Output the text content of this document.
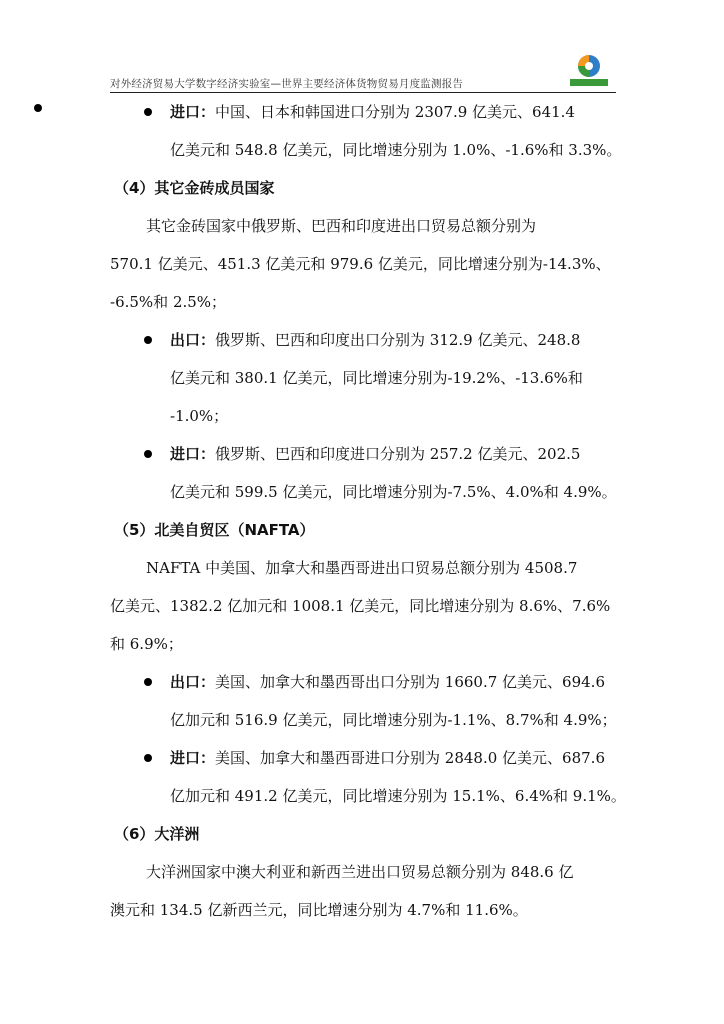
对外经济贸易大学数字经济实验室—世界主要经济体货物贸易月度监测报告
进口：中国、日本和韩国进口分别为 2307.9 亿美元、641.4
亿美元和 548.8 亿美元，同比增速分别为 1.0%、-1.6%和 3.3%。
（4）其它金砖成员国家
其它金砖国家中俄罗斯、巴西和印度进出口贸易总额分别为
570.1 亿美元、451.3 亿美元和 979.6 亿美元，同比增速分别为-14.3%、
-6.5%和 2.5%；
出口：俄罗斯、巴西和印度出口分别为 312.9 亿美元、248.8
亿美元和 380.1 亿美元，同比增速分别为-19.2%、-13.6%和
-1.0%；
进口：俄罗斯、巴西和印度进口分别为 257.2 亿美元、202.5
亿美元和 599.5 亿美元，同比增速分别为-7.5%、4.0%和 4.9%。
（5）北美自贸区（NAFTA）
NAFTA 中美国、加拿大和墨西哥进出口贸易总额分别为 4508.7
亿美元、1382.2 亿加元和 1008.1 亿美元，同比增速分别为 8.6%、7.6%
和 6.9%；
出口：美国、加拿大和墨西哥出口分别为 1660.7 亿美元、694.6
亿加元和 516.9 亿美元，同比增速分别为-1.1%、8.7%和 4.9%；
进口：美国、加拿大和墨西哥进口分别为 2848.0 亿美元、687.6
亿加元和 491.2 亿美元，同比增速分别为 15.1%、6.4%和 9.1%。
（6）大洋洲
大洋洲国家中澳大利亚和新西兰进出口贸易总额分别为 848.6 亿
澳元和 134.5 亿新西兰元，同比增速分别为 4.7%和 11.6%。
